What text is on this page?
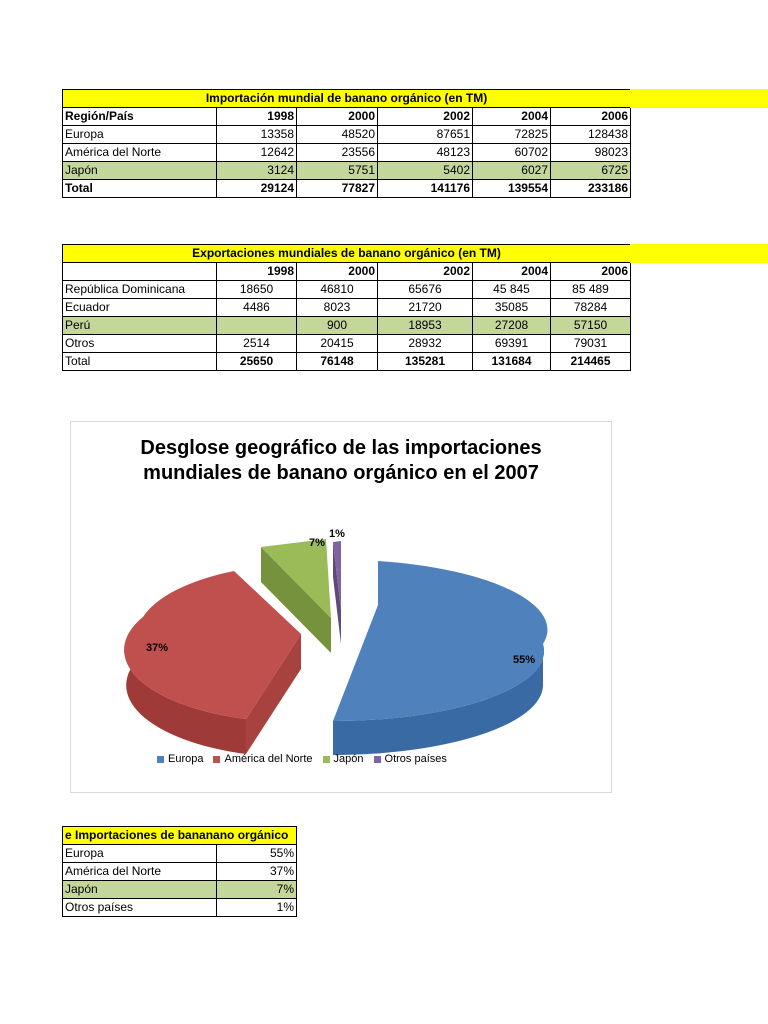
Importación mundial de banano orgánico (en TM)					
Región/País	1998	2000	2002	2004	2006
Europa	13358	48520	87651	72825	128438
América del Norte	12642	23556	48123	60702	98023
Japón	3124	5751	5402	6027	6725
Total	29124	77827	141176	139554	233186
Exportaciones mundiales de banano orgánico (en TM)					
	1998	2000	2002	2004	2006
República Dominicana	18650	46810	65676	45 845	85 489
Ecuador	4486	8023	21720	35085	78284
Perú		900	18953	27208	57150
Otros	2514	20415	28932	69391	79031
Total	25650	76148	135281	131684	214465
Desglose geográfico de las importaciones
mundiales de banano orgánico en el 2007
55%
37%
7%
1%
Europa América del Norte Japón Otros países
e Importaciones de bananano orgánico	
Europa	55%
América del Norte	37%
Japón	7%
Otros países	1%
